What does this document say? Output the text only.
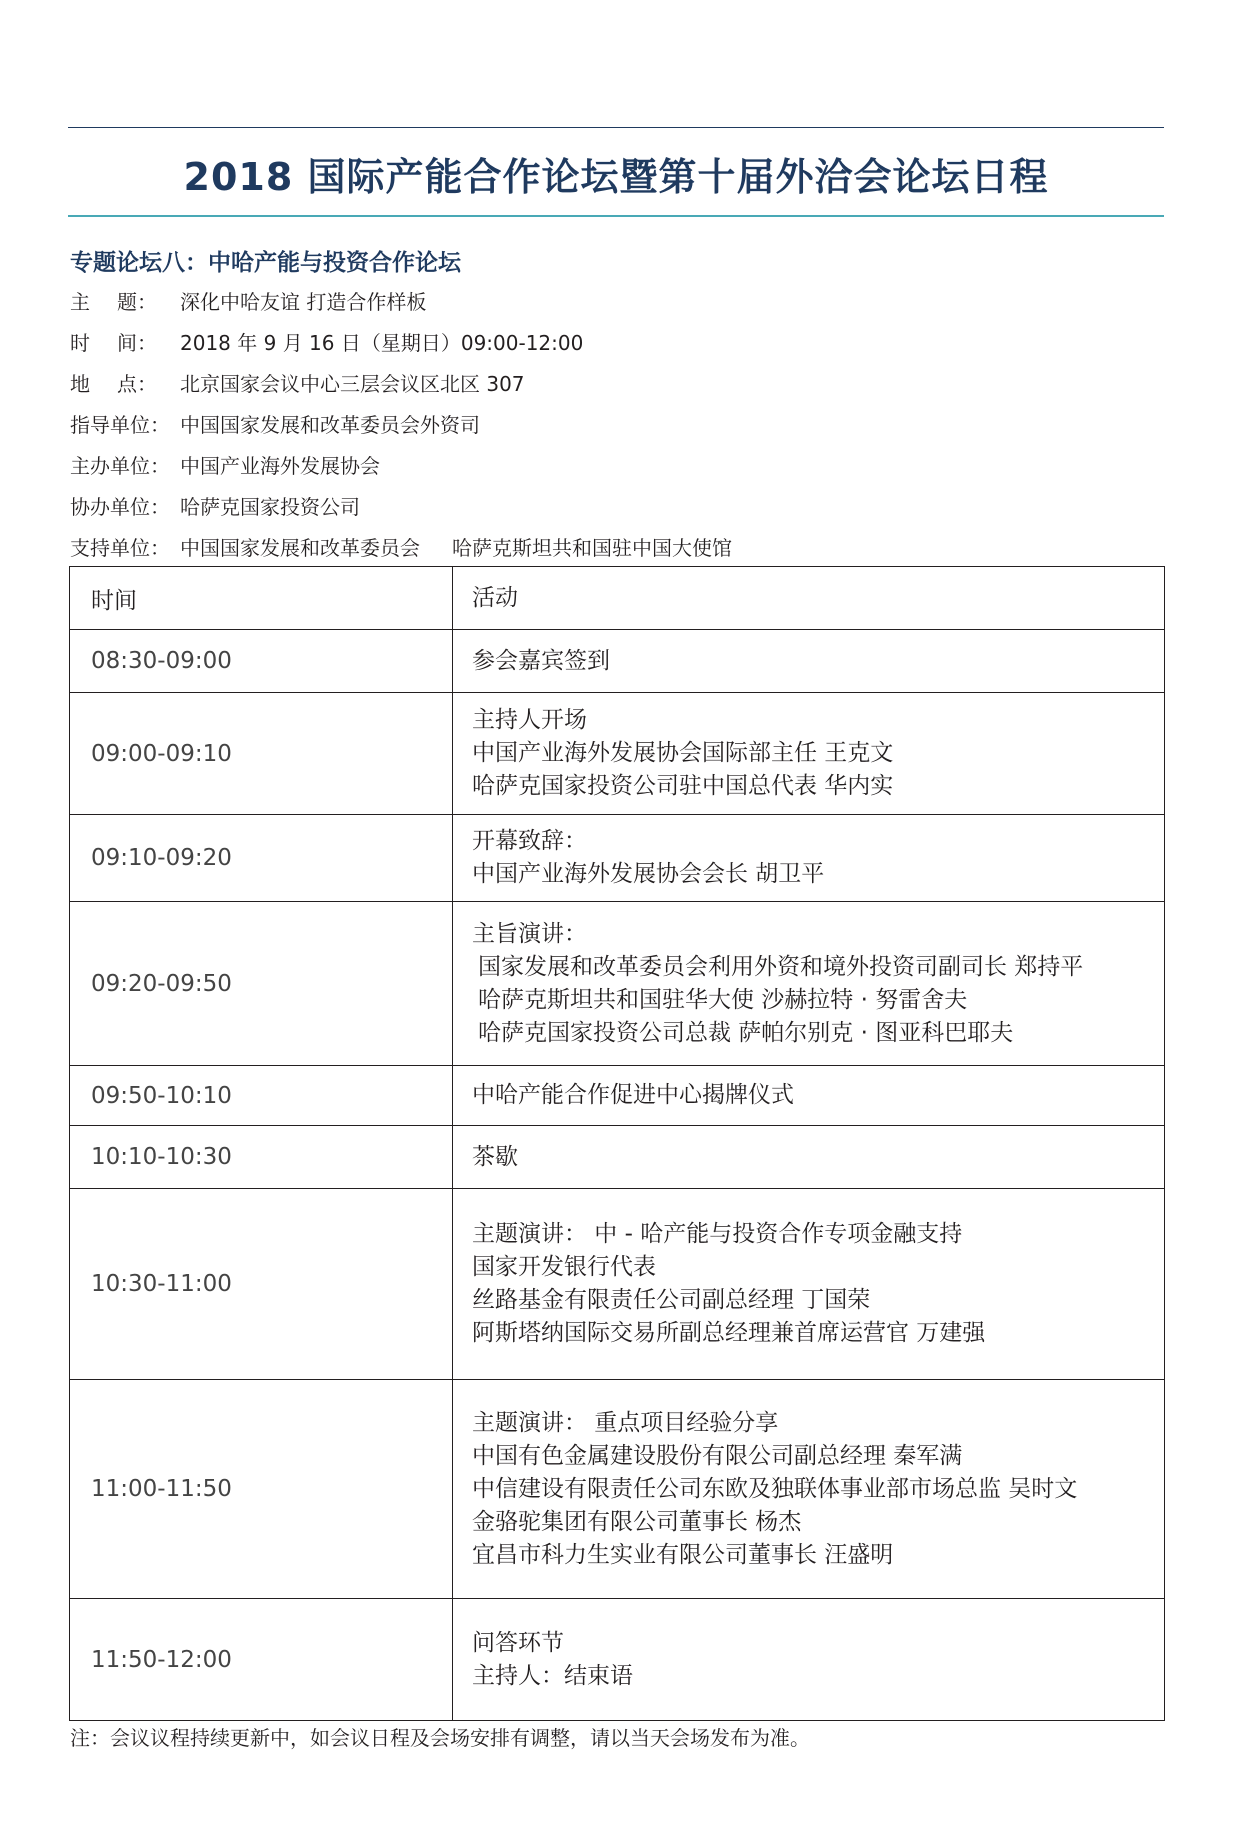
2018 国际产能合作论坛暨第十届外洽会论坛日程
专题论坛八：中哈产能与投资合作论坛
主 题： 深化中哈友谊 打造合作样板
时 间： 2018 年 9 月 16 日（星期日）09:00-12:00
地 点： 北京国家会议中心三层会议区北区 307
指导单位： 中国国家发展和改革委员会外资司
主办单位： 中国产业海外发展协会
协办单位： 哈萨克国家投资公司
支持单位： 中国国家发展和改革委员会 哈萨克斯坦共和国驻中国大使馆
时间	活动
08:30-09:00	参会嘉宾签到

09:00-09:10	主持人开场
中国产业海外发展协会国际部主任 王克文
哈萨克国家投资公司驻中国总代表 华内实

09:10-09:20	开幕致辞：
中国产业海外发展协会会长 胡卫平

09:20-09:50	主旨演讲：
国家发展和改革委员会利用外资和境外投资司副司长 郑持平
哈萨克斯坦共和国驻华大使 沙赫拉特 · 努雷舍夫
哈萨克国家投资公司总裁 萨帕尔别克 · 图亚科巴耶夫

09:50-10:10	中哈产能合作促进中心揭牌仪式

10:10-10:30	茶歇

10:30-11:00	主题演讲： 中 - 哈产能与投资合作专项金融支持
国家开发银行代表
丝路基金有限责任公司副总经理 丁国荣
阿斯塔纳国际交易所副总经理兼首席运营官 万建强

11:00-11:50	主题演讲： 重点项目经验分享
中国有色金属建设股份有限公司副总经理 秦军满
中信建设有限责任公司东欧及独联体事业部市场总监 吴时文
金骆驼集团有限公司董事长 杨杰
宜昌市科力生实业有限公司董事长 汪盛明

11:50-12:00	问答环节
主持人：结束语
注：会议议程持续更新中，如会议日程及会场安排有调整，请以当天会场发布为准。
